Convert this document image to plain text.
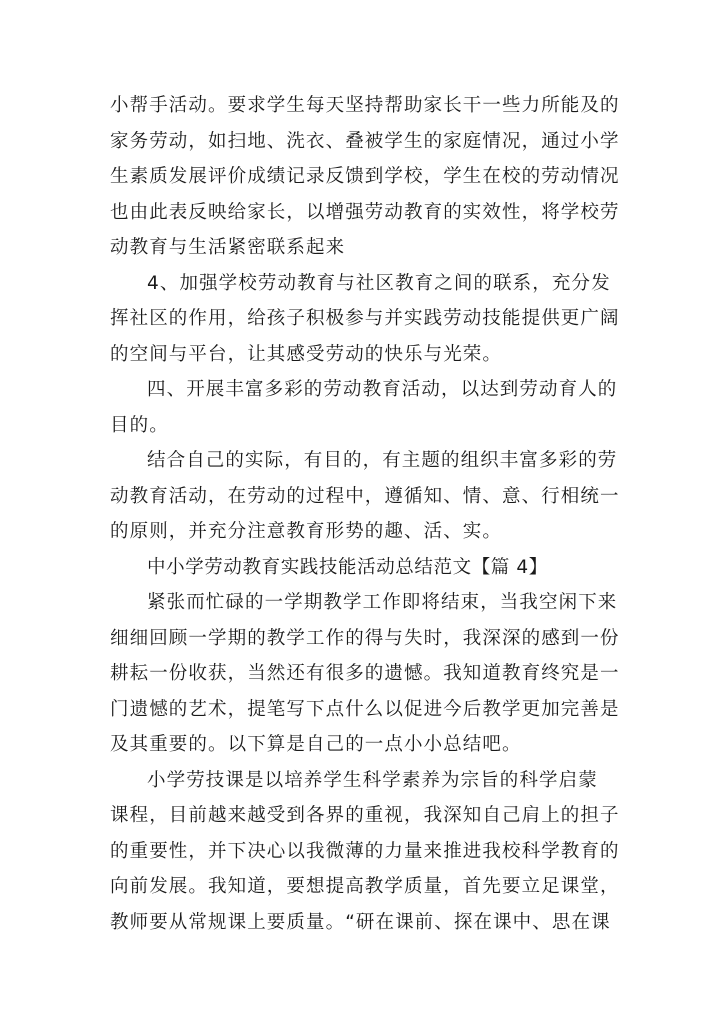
小帮手活动。要求学生每天坚持帮助家长干一些力所能及的
家务劳动，如扫地、洗衣、叠被学生的家庭情况，通过小学
生素质发展评价成绩记录反馈到学校，学生在校的劳动情况
也由此表反映给家长，以增强劳动教育的实效性，将学校劳
动教育与生活紧密联系起来
4、加强学校劳动教育与社区教育之间的联系，充分发
挥社区的作用，给孩子积极参与并实践劳动技能提供更广阔
的空间与平台，让其感受劳动的快乐与光荣。
四、开展丰富多彩的劳动教育活动，以达到劳动育人的
目的。
结合自己的实际，有目的，有主题的组织丰富多彩的劳
动教育活动，在劳动的过程中，遵循知、情、意、行相统一
的原则，并充分注意教育形势的趣、活、实。
中小学劳动教育实践技能活动总结范文【篇 4】
紧张而忙碌的一学期教学工作即将结束，当我空闲下来
细细回顾一学期的教学工作的得与失时，我深深的感到一份
耕耘一份收获，当然还有很多的遗憾。我知道教育终究是一
门遗憾的艺术，提笔写下点什么以促进今后教学更加完善是
及其重要的。以下算是自己的一点小小总结吧。
小学劳技课是以培养学生科学素养为宗旨的科学启蒙
课程，目前越来越受到各界的重视，我深知自己肩上的担子
的重要性，并下决心以我微薄的力量来推进我校科学教育的
向前发展。我知道，要想提高教学质量，首先要立足课堂，
教师要从常规课上要质量。“研在课前、探在课中、思在课
